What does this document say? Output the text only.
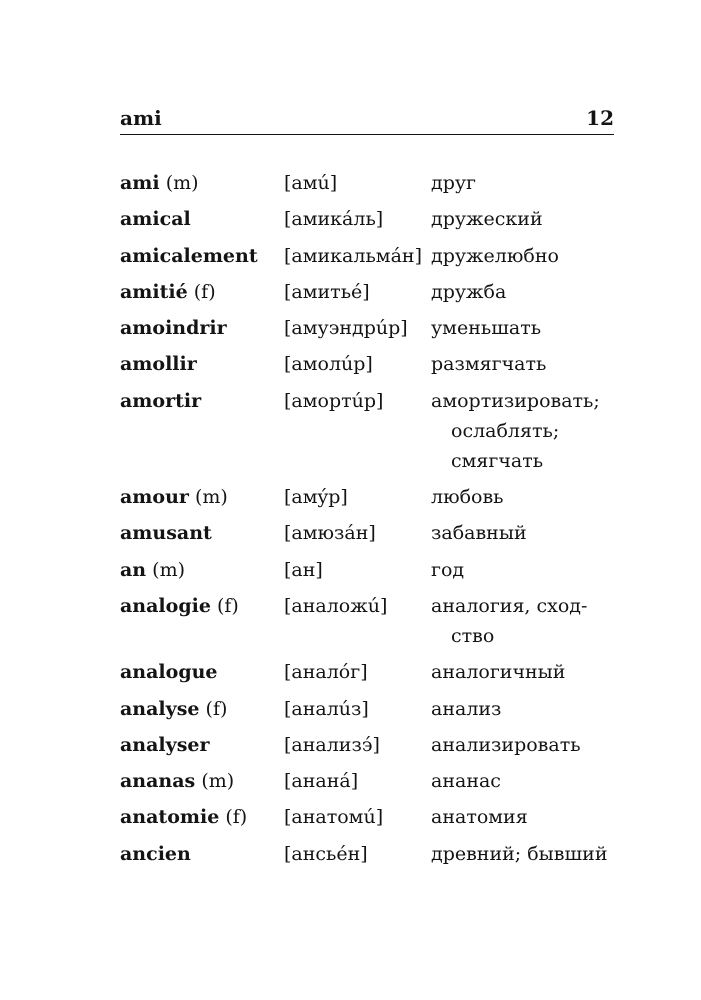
ami	12
ami (m)	[амú]	друг
amical	[амикáль]	дружеский
amicalement [амикальмáн] дружелюбно
amitié (f)	[амитьé]	дружба
amoindrir	[амуэндрúр] уменьшать
amollir	[амолúр]	размягчать
amortir	[амортúр]	амортизировать;
ослаблять;
смягчать
amour (m)	[амýр]	любовь
amusant	[амюзáн]	забавный
an (m)	[ан]	год
analogie (f) [аналожú] аналогия, сход-
ство
analogue	[аналóг]	аналогичный
analyse (f)	[аналúз]	анализ
analyser	[анализэ́]	анализировать
ananas (m)	[ананá]	ананас
anatomie (f) [анатомú]	анатомия
ancien	[ансьéн]	древний; бывший
